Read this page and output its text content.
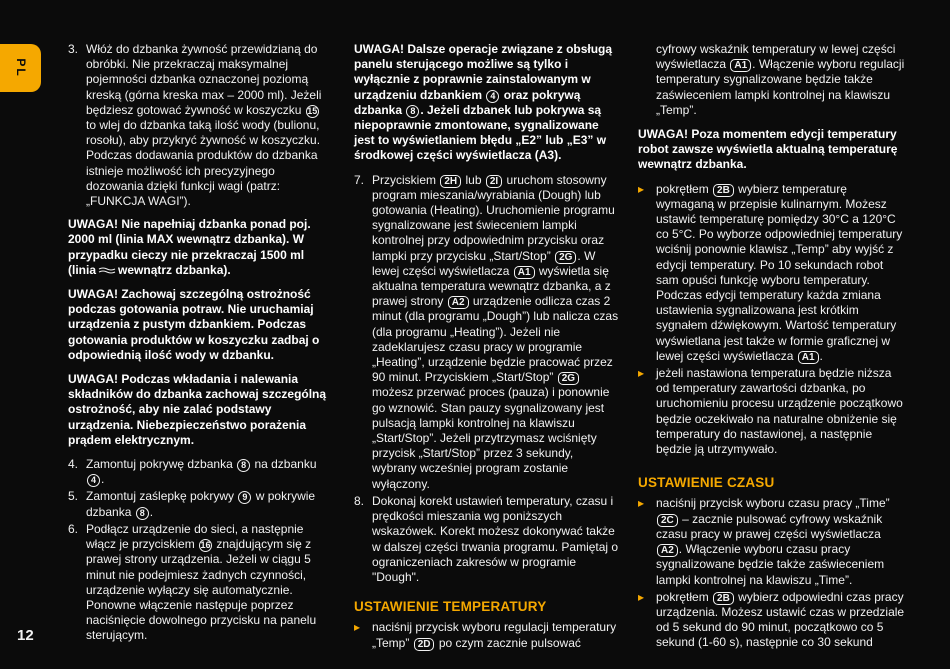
PL
12
3. Włóż do dzbanka żywność przewidzianą do obróbki. Nie przekraczaj maksymalnej pojemności dzbanka oznaczonej poziomą kreską (górna kreska max – 2000 ml). Jeżeli będziesz gotować żywność w koszyczku 15 to wlej do dzbanka taką ilość wody (bulionu, rosołu), aby przykryć żywność w koszyczku. Podczas dodawania produktów do dzbanka istnieje możliwość ich precyzyjnego dozowania dzięki funkcji wagi (patrz: „FUNKCJA WAGI”).

UWAGA! Nie napełniaj dzbanka ponad poj. 2000 ml (linia MAX wewnątrz dzbanka). W przypadku cieczy nie przekraczaj 1500 ml (linia wewnątrz dzbanka).

UWAGA! Zachowaj szczególną ostrożność podczas gotowania potraw. Nie uruchamiaj urządzenia z pustym dzbankiem. Podczas gotowania produktów w koszyczku zadbaj o odpowiednią ilość wody w dzbanku.

UWAGA! Podczas wkładania i nalewania składników do dzbanka zachowaj szczególną ostrożność, aby nie zalać podstawy urządzenia. Niebezpieczeństwo porażenia prądem elektrycznym.

4. Zamontuj pokrywę dzbanka 8 na dzbanku 4 .
5. Zamontuj zaślepkę pokrywy 9 w pokrywie dzbanka 8 .
6. Podłącz urządzenie do sieci, a następnie włącz je przyciskiem 16 znajdującym się z prawej strony urządzenia. Jeżeli w ciągu 5 minut nie podejmiesz żadnych czynności, urządzenie wyłączy się automatycznie. Ponowne włączenie następuje poprzez naciśnięcie dowolnego przycisku na panelu sterującym.

UWAGA! Dalsze operacje związane z obsługą panelu sterującego możliwe są tylko i wyłącznie z poprawnie zainstalowanym w urządzeniu dzbankiem 4 oraz pokrywą dzbanka 8 . Jeżeli dzbanek lub pokrywa są niepoprawnie zmontowane, sygnalizowane jest to wyświetlaniem błędu „E2” lub „E3” w środkowej części wyświetlacza (A3).

7. Przyciskiem 2H lub 2I uruchom stosowny program mieszania/wyrabiania (Dough) lub gotowania (Heating). Uruchomienie programu sygnalizowane jest świeceniem lampki kontrolnej przy odpowiednim przycisku oraz lampki przy przycisku „Start/Stop” 2G . W lewej części wyświetlacza A1 wyświetla się aktualna temperatura wewnątrz dzbanka, a z prawej strony A2 urządzenie odlicza czas 2 minut (dla programu „Dough”) lub nalicza czas (dla programu „Heating”). Jeżeli nie zadeklarujesz czasu pracy w programie „Heating”, urządzenie będzie pracować przez 90 minut. Przyciskiem „Start/Stop” 2G możesz przerwać proces (pauza) i ponownie go wznowić. Stan pauzy sygnalizowany jest pulsacją lampki kontrolnej na klawiszu „Start/Stop”. Jeżeli przytrzymasz wciśnięty przycisk „Start/Stop” przez 3 sekundy, wybrany wcześniej program zostanie wyłączony.
8. Dokonaj korekt ustawień temperatury, czasu i prędkości mieszania wg poniższych wskazówek. Korekt możesz dokonywać także w dalszej części trwania programu. Pamiętaj o ograniczeniach zakresów w programie "Dough".
USTAWIENIE TEMPERATURY
▸ naciśnij przycisk wyboru regulacji temperatury „Temp” 2D po czym zacznie pulsować

cyfrowy wskaźnik temperatury w lewej części wyświetlacza A1 . Włączenie wyboru regulacji temperatury sygnalizowane będzie także zaświeceniem lampki kontrolnej na klawiszu „Temp”.

UWAGA! Poza momentem edycji temperatury robot zawsze wyświetla aktualną temperaturę wewnątrz dzbanka.

▸ pokrętłem 2B wybierz temperaturę wymaganą w przepisie kulinarnym. Możesz ustawić temperaturę pomiędzy 30°C a 120°C co 5°C. Po wyborze odpowiedniej temperatury wciśnij ponownie klawisz „Temp” aby wyjść z edycji temperatury. Po 10 sekundach robot sam opuści funkcję wyboru temperatury. Podczas edycji temperatury każda zmiana ustawienia sygnalizowana jest krótkim sygnałem dźwiękowym. Wartość temperatury wyświetlana jest także w formie graficznej w lewej części wyświetlacza A1 .
▸ jeżeli nastawiona temperatura będzie niższa od temperatury zawartości dzbanka, po uruchomieniu procesu urządzenie początkowo będzie oczekiwało na naturalne obniżenie się temperatury do nastawionej, a następnie będzie ją utrzymywało.
USTAWIENIE CZASU
▸ naciśnij przycisk wyboru czasu pracy „Time” 2C – zacznie pulsować cyfrowy wskaźnik czasu pracy w prawej części wyświetlacza A2 . Włączenie wyboru czasu pracy sygnalizowane będzie także zaświeceniem lampki kontrolnej na klawiszu „Time”.
▸ pokrętłem 2B wybierz odpowiedni czas pracy urządzenia. Możesz ustawić czas w przedziale od 5 sekund do 90 minut, początkowo co 5 sekund (1-60 s), następnie co 30 sekund
